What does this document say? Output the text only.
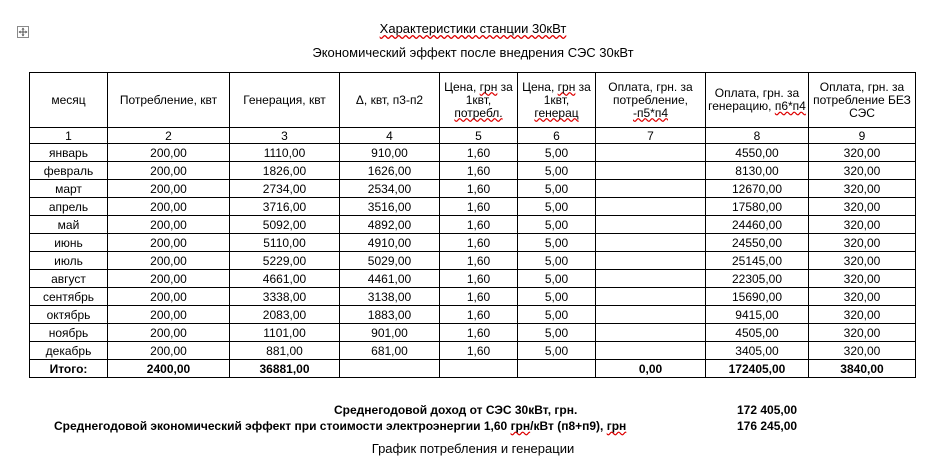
Характеристики станции 30кВт
Экономический эффект после внедрения СЭС 30кВт
месяц	Потребление, квт	Генерация, квт	Δ, квт, п3-п2	Цена, грн за 1квт, потребл.	Цена, грн за 1квт, генерац	Оплата, грн. за потребление, -п5*п4	Оплата, грн. за генерацию, п6*п4	Оплата, грн. за потребление БЕЗ СЭС
1	2	3	4	5	6	7	8	9
январь	200,00	1110,00	910,00	1,60	5,00		4550,00	320,00
февраль	200,00	1826,00	1626,00	1,60	5,00		8130,00	320,00
март	200,00	2734,00	2534,00	1,60	5,00		12670,00	320,00
апрель	200,00	3716,00	3516,00	1,60	5,00		17580,00	320,00
май	200,00	5092,00	4892,00	1,60	5,00		24460,00	320,00
июнь	200,00	5110,00	4910,00	1,60	5,00		24550,00	320,00
июль	200,00	5229,00	5029,00	1,60	5,00		25145,00	320,00
август	200,00	4661,00	4461,00	1,60	5,00		22305,00	320,00
сентябрь	200,00	3338,00	3138,00	1,60	5,00		15690,00	320,00
октябрь	200,00	2083,00	1883,00	1,60	5,00		9415,00	320,00
ноябрь	200,00	1101,00	901,00	1,60	5,00		4505,00	320,00
декабрь	200,00	881,00	681,00	1,60	5,00		3405,00	320,00
Итого:	2400,00	36881,00				0,00	172405,00	3840,00
Среднегодовой доход от СЭС 30кВт, грн.	172 405,00
Среднегодовой экономический эффект при стоимости электроэнергии 1,60 грн/кВт (п8+п9), грн	176 245,00
График потребления и генерации
